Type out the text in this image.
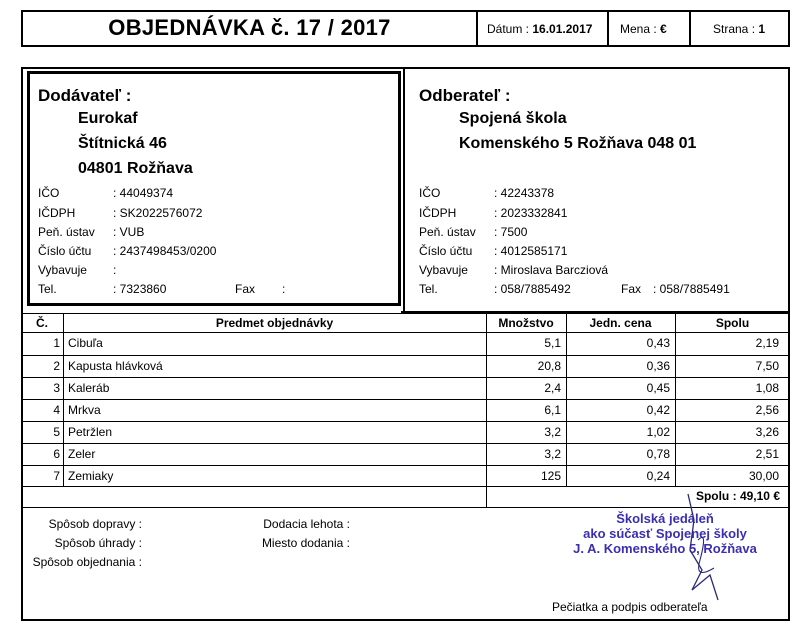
OBJEDNÁVKA č. 17 / 2017	Dátum : 16.01.2017 Mena : €	Strana : 1
Dodávateľ :
Eurokaf
Štítnická 46
04801 Rožňava
IČO	: 44049374
IČDPH	: SK2022576072
Peň. ústav : VUB
Číslo účtu : 2437498453/0200
Vybavuje :
Tel.	: 7323860	Fax :
Odberateľ :
Spojená škola
Komenského 5 Rožňava 048 01
IČO	: 42243378
IČDPH	: 2023332841
Peň. ústav : 7500
Číslo účtu : 4012585171
Vybavuje : Miroslava Barcziová
Tel.	: 058/7885492	Fax : 058/7885491
Č.	Predmet objednávky	Množstvo	Jedn. cena	Spolu
1 Cibuľa	5,1	0,43	2,19
2 Kapusta hlávková	20,8	0,36	7,50
3 Kaleráb	2,4	0,45	1,08
4 Mrkva	6,1	0,42	2,56
5 Petržlen	3,2	1,02	3,26
6 Zeler	3,2	0,78	2,51
7 Zemiaky	125	0,24	30,00
Spolu : 49,10 €
Spôsob dopravy :
Spôsob úhrady :
Spôsob objednania :
Dodacia lehota :
Miesto dodania :
Školská jedáleň
ako súčasť Spojenej školy
J. A. Komenského 5, Rožňava
Pečiatka a podpis odberateľa
